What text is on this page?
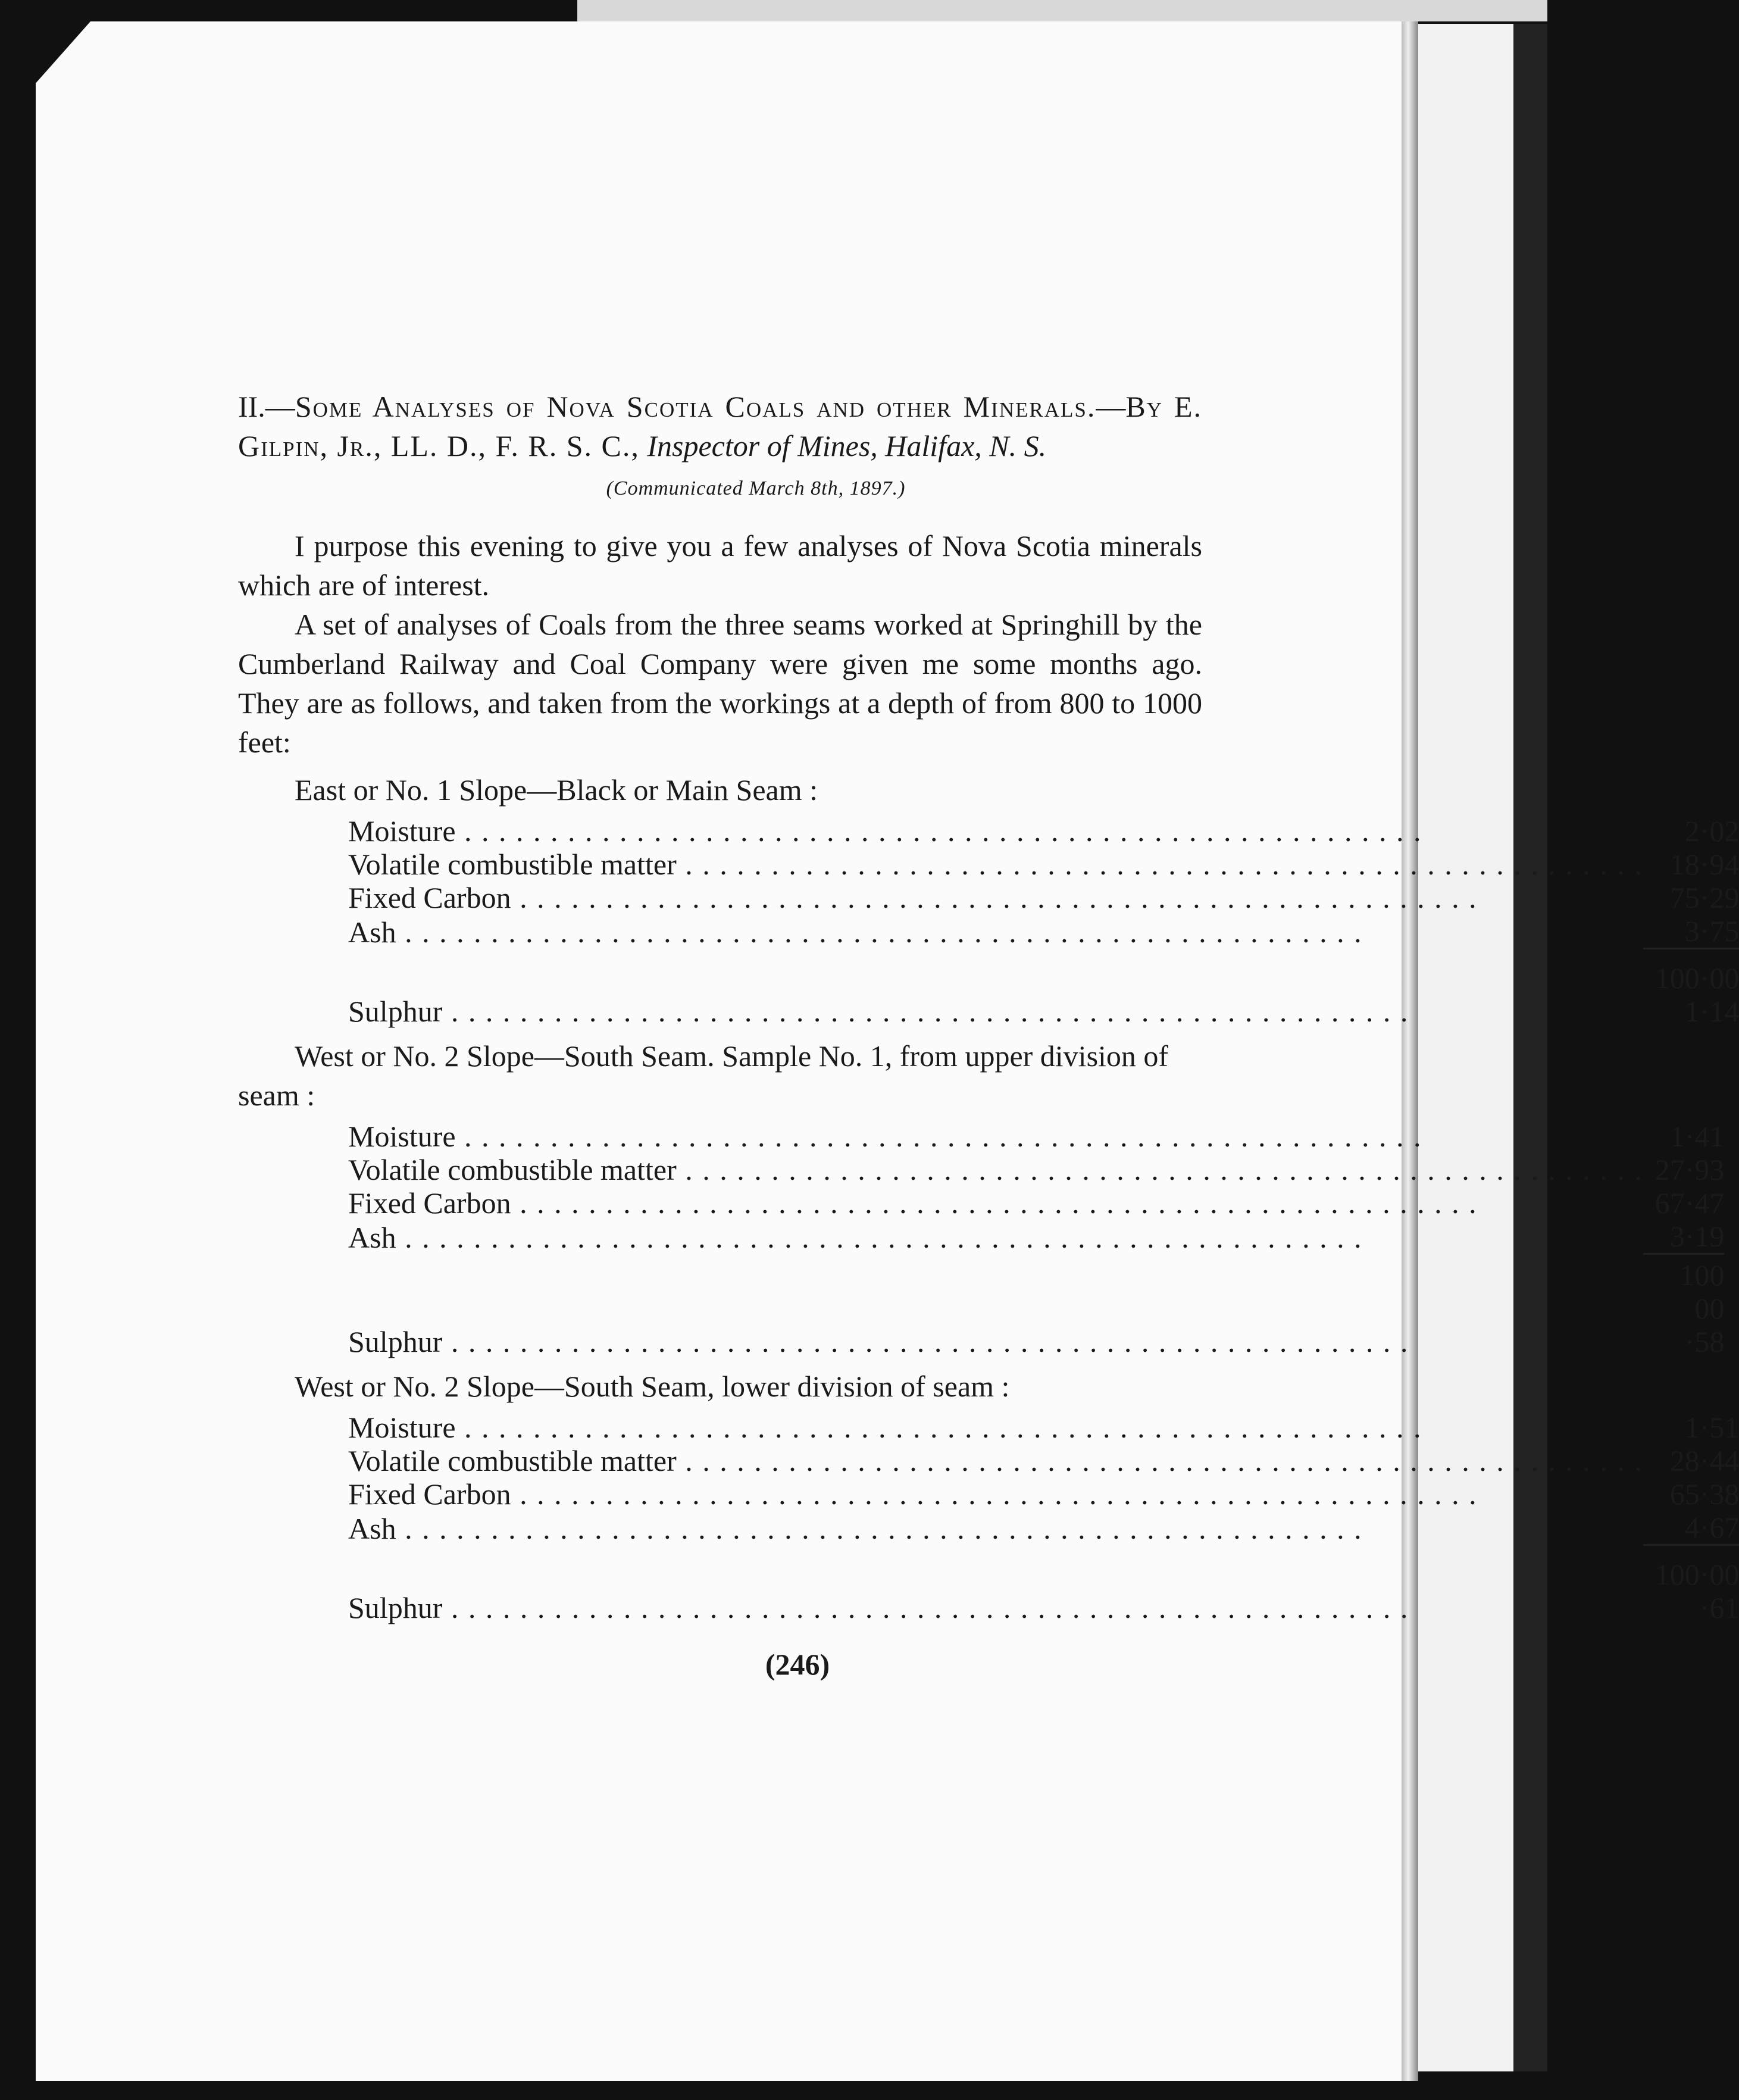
II.—Some Analyses of Nova Scotia Coals and other Minerals.—By E. Gilpin, Jr., LL. D., F. R. S. C., Inspector of Mines, Halifax, N. S.
(Communicated March 8th, 1897.)

I purpose this evening to give you a few analyses of Nova Scotia minerals which are of interest.

A set of analyses of Coals from the three seams worked at Springhill by the Cumberland Railway and Coal Company were given me some months ago. They are as follows, and taken from the workings at a depth of from 800 to 1000 feet:

East or No. 1 Slope—Black or Main Seam :
Moisture . . .	2·02
Volatile combustible matter . . .	18·94
Fixed Carbon . . .	75·29
Ash . . .	3·75
	100·00
Sulphur . . .	1·14
West or No. 2 Slope—South Seam. Sample No. 1, from upper division of seam :
Moisture . . .	1·41
Volatile combustible matter . . .	27·93
Fixed Carbon . . .	67·47
Ash . . .	3·19
	100 00
Sulphur . . .	·58
West or No. 2 Slope—South Seam, lower division of seam :
Moisture . . .	1·51
Volatile combustible matter . . .	28·44
Fixed Carbon . . .	65·38
Ash . . .	4·67
	100·00
Sulphur . . .	·61
(246)
